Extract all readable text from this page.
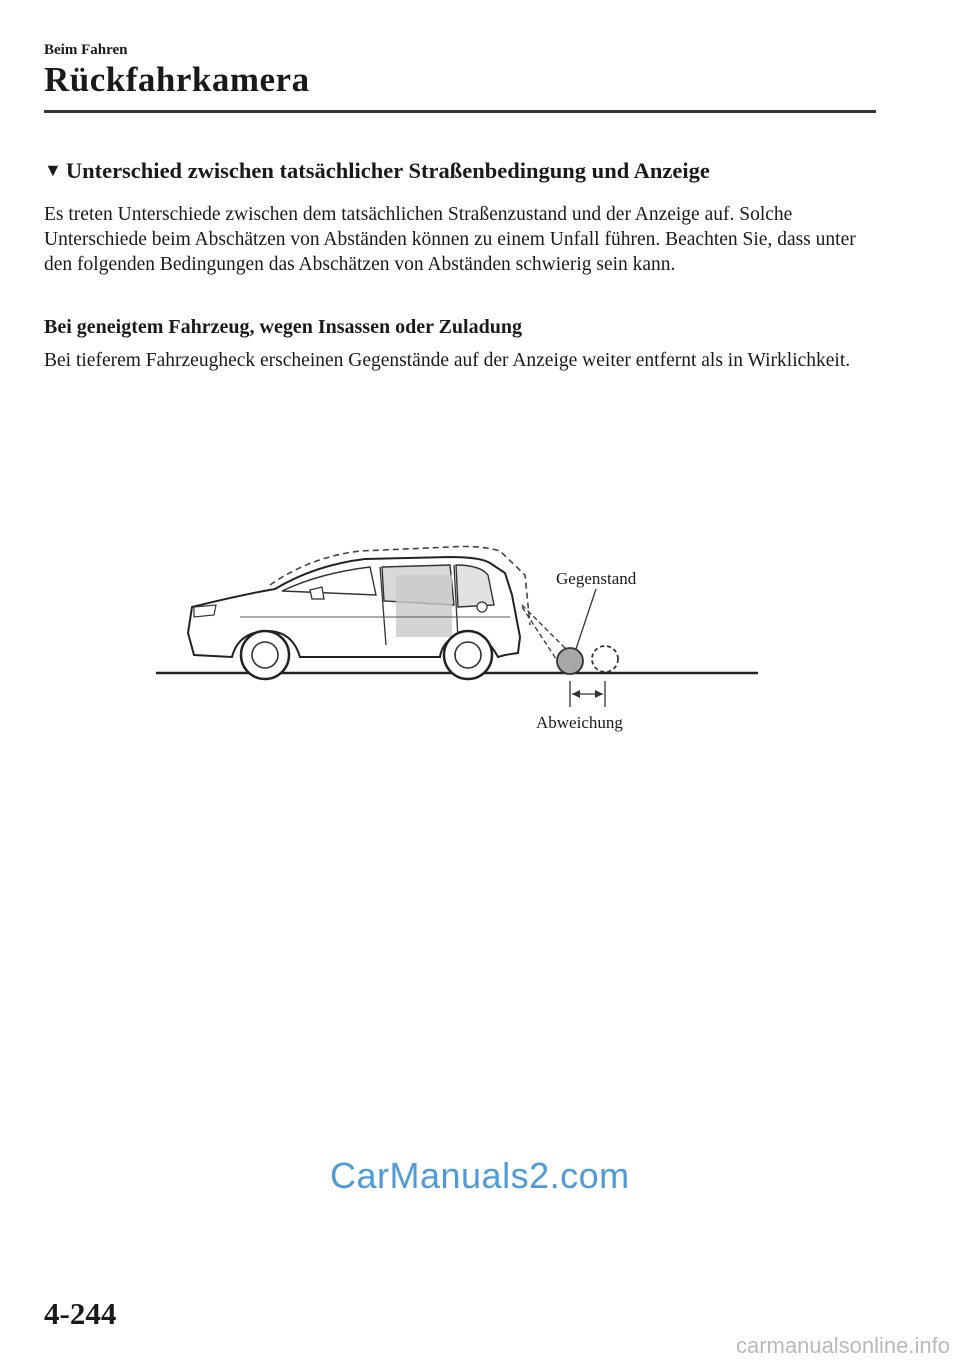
Beim Fahren
Rückfahrkamera
▼ Unterschied zwischen tatsächlicher Straßenbedingung und Anzeige
Es treten Unterschiede zwischen dem tatsächlichen Straßenzustand und der Anzeige auf. Solche Unterschiede beim Abschätzen von Abständen können zu einem Unfall führen. Beachten Sie, dass unter den folgenden Bedingungen das Abschätzen von Abständen schwierig sein kann.
Bei geneigtem Fahrzeug, wegen Insassen oder Zuladung
Bei tieferem Fahrzeugheck erscheinen Gegenstände auf der Anzeige weiter entfernt als in Wirklichkeit.
Gegenstand
Abweichung
CarManuals2.com
4-244
carmanualsonline.info
